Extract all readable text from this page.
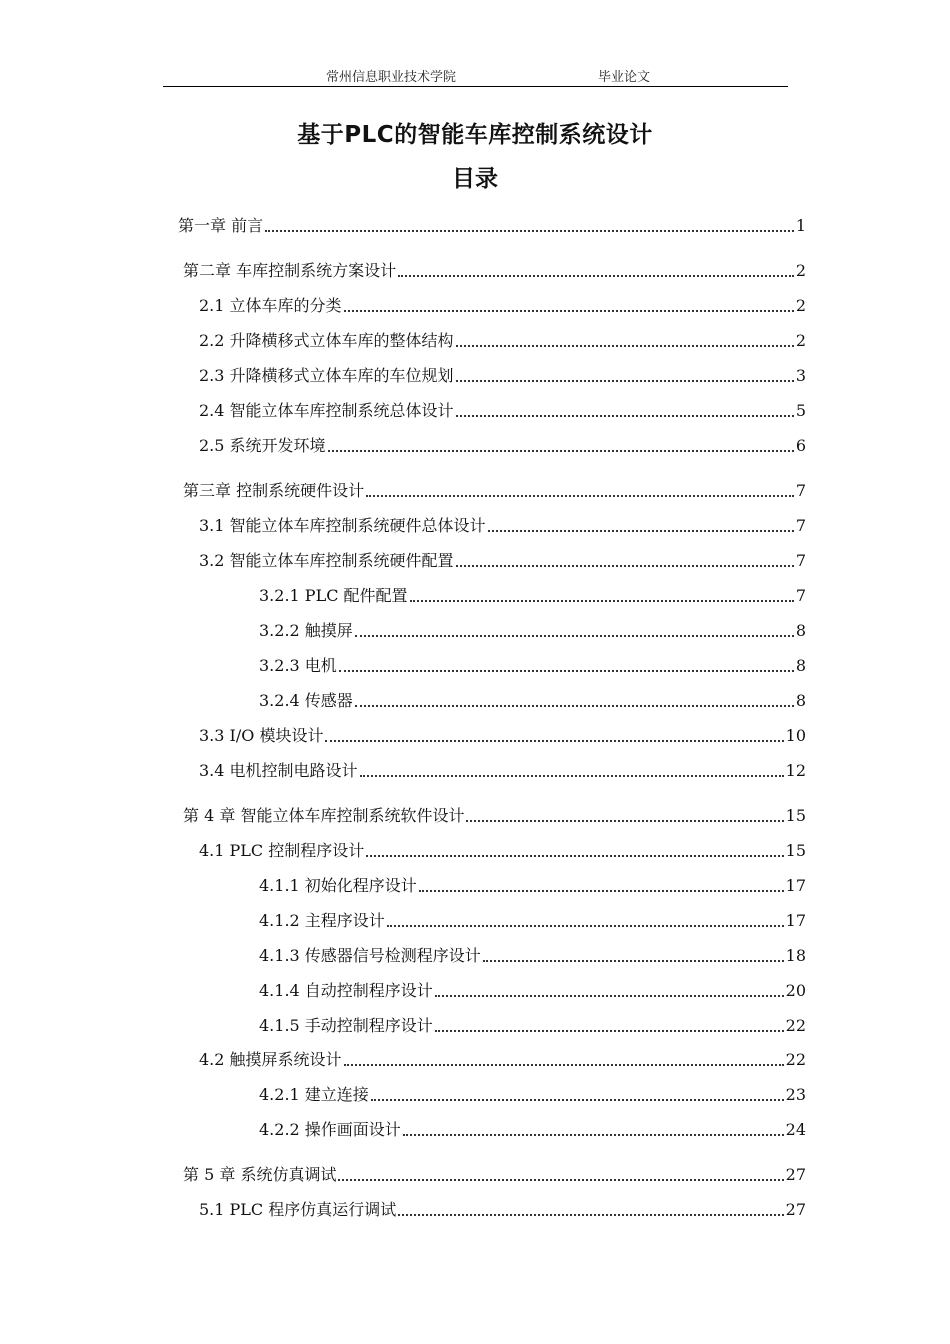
常州信息职业技术学院	毕业论文
基于PLC的智能车库控制系统设计
目录
第一章 前言	1
第二章 车库控制系统方案设计	2
2.1 立体车库的分类	2
2.2 升降横移式立体车库的整体结构	2
2.3 升降横移式立体车库的车位规划	3
2.4 智能立体车库控制系统总体设计	5
2.5 系统开发环境	6
第三章 控制系统硬件设计	7
3.1 智能立体车库控制系统硬件总体设计	7
3.2 智能立体车库控制系统硬件配置	7
3.2.1 PLC 配件配置	7
3.2.2 触摸屏	8
3.2.3 电机	8
3.2.4 传感器	8
3.3 I/O 模块设计	10
3.4 电机控制电路设计	12
第 4 章 智能立体车库控制系统软件设计	15
4.1 PLC 控制程序设计	15
4.1.1 初始化程序设计	17
4.1.2 主程序设计	17
4.1.3 传感器信号检测程序设计	18
4.1.4 自动控制程序设计	20
4.1.5 手动控制程序设计	22
4.2 触摸屏系统设计	22
4.2.1 建立连接	23
4.2.2 操作画面设计	24
第 5 章 系统仿真调试	27
5.1 PLC 程序仿真运行调试	27
